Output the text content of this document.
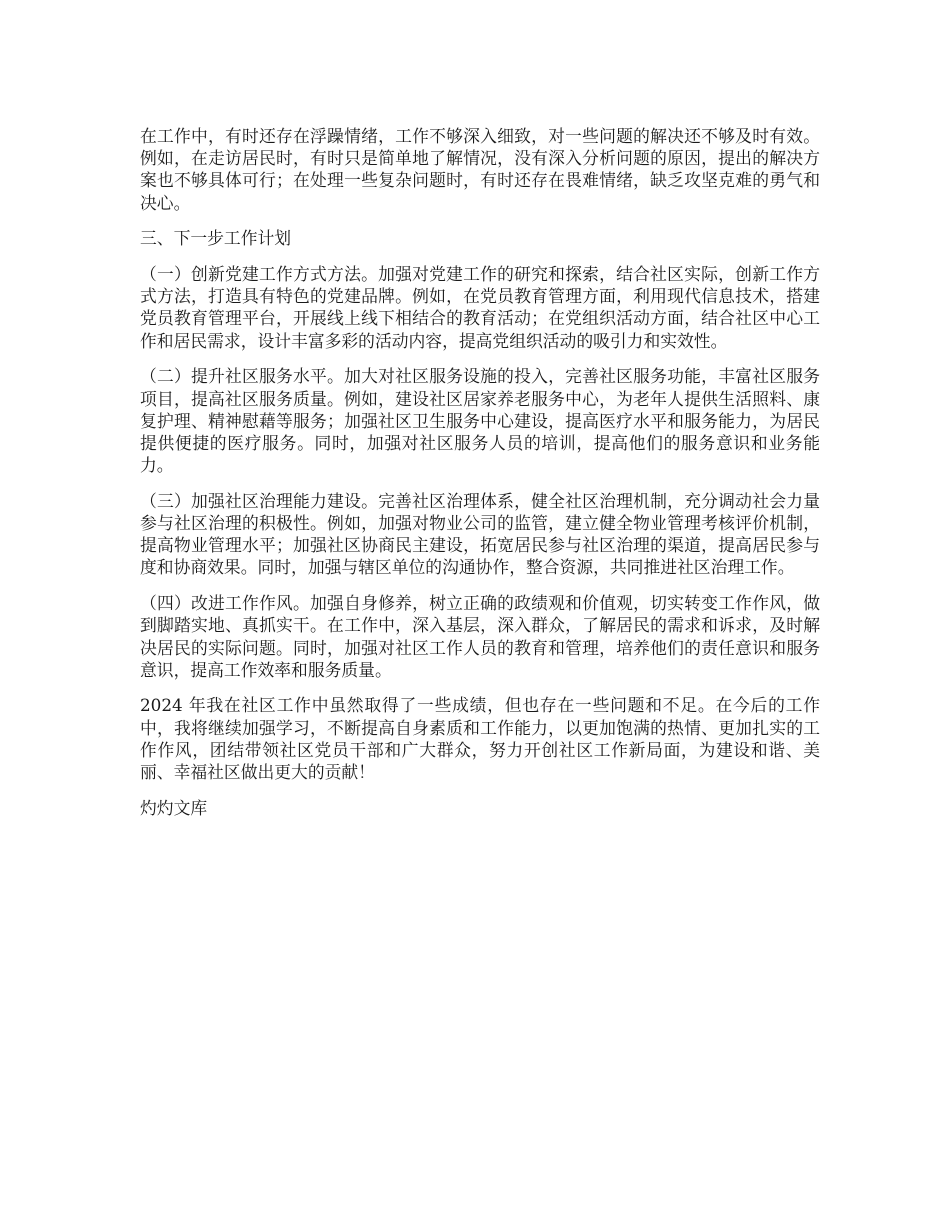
在工作中，有时还存在浮躁情绪，工作不够深入细致，对一些问题的解决还不够及时有效。例如，在走访居民时，有时只是简单地了解情况，没有深入分析问题的原因，提出的解决方案也不够具体可行；在处理一些复杂问题时，有时还存在畏难情绪，缺乏攻坚克难的勇气和决心。

三、下一步工作计划

（一）创新党建工作方式方法。加强对党建工作的研究和探索，结合社区实际，创新工作方式方法，打造具有特色的党建品牌。例如，在党员教育管理方面，利用现代信息技术，搭建党员教育管理平台，开展线上线下相结合的教育活动；在党组织活动方面，结合社区中心工作和居民需求，设计丰富多彩的活动内容，提高党组织活动的吸引力和实效性。

（二）提升社区服务水平。加大对社区服务设施的投入，完善社区服务功能，丰富社区服务项目，提高社区服务质量。例如，建设社区居家养老服务中心，为老年人提供生活照料、康复护理、精神慰藉等服务；加强社区卫生服务中心建设，提高医疗水平和服务能力，为居民提供便捷的医疗服务。同时，加强对社区服务人员的培训，提高他们的服务意识和业务能力。

（三）加强社区治理能力建设。完善社区治理体系，健全社区治理机制，充分调动社会力量参与社区治理的积极性。例如，加强对物业公司的监管，建立健全物业管理考核评价机制，提高物业管理水平；加强社区协商民主建设，拓宽居民参与社区治理的渠道，提高居民参与度和协商效果。同时，加强与辖区单位的沟通协作，整合资源，共同推进社区治理工作。

（四）改进工作作风。加强自身修养，树立正确的政绩观和价值观，切实转变工作作风，做到脚踏实地、真抓实干。在工作中，深入基层，深入群众，了解居民的需求和诉求，及时解决居民的实际问题。同时，加强对社区工作人员的教育和管理，培养他们的责任意识和服务意识，提高工作效率和服务质量。

2024 年我在社区工作中虽然取得了一些成绩，但也存在一些问题和不足。在今后的工作中，我将继续加强学习，不断提高自身素质和工作能力，以更加饱满的热情、更加扎实的工作作风，团结带领社区党员干部和广大群众，努力开创社区工作新局面，为建设和谐、美丽、幸福社区做出更大的贡献！

灼灼文库
